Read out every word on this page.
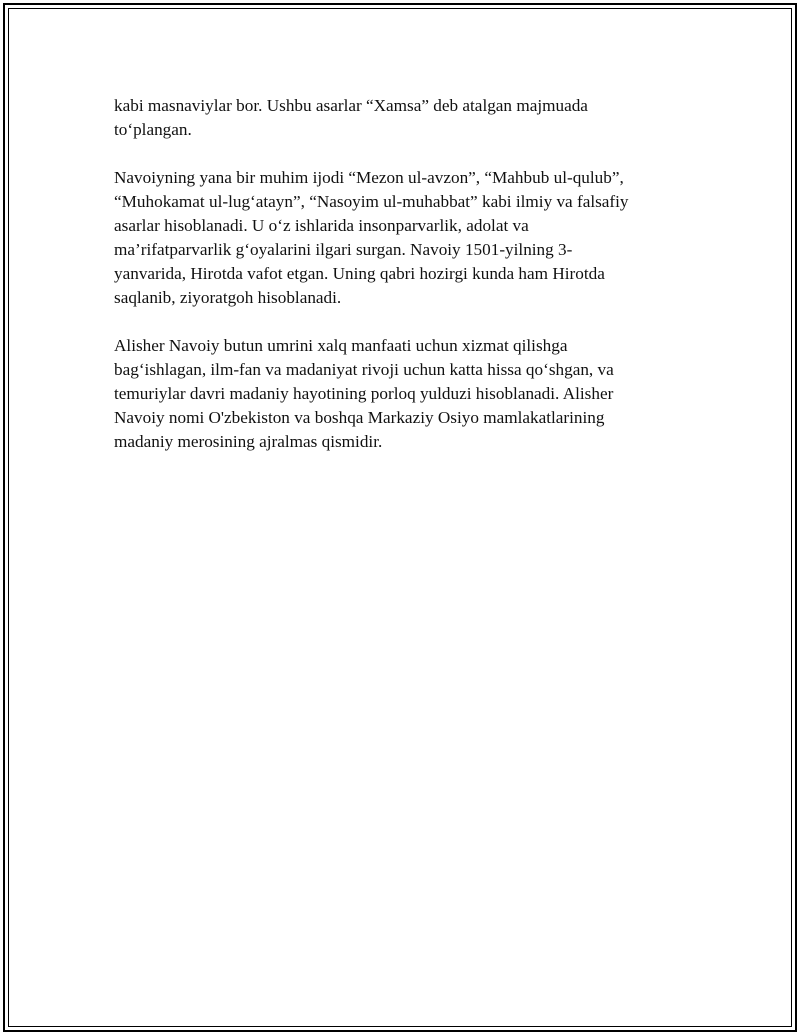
kabi masnaviylar bor. Ushbu asarlar “Xamsa” deb atalgan majmuada
to‘plangan.

Navoiyning yana bir muhim ijodi “Mezon ul-avzon”, “Mahbub ul-qulub”,
“Muhokamat ul-lug‘atayn”, “Nasoyim ul-muhabbat” kabi ilmiy va falsafiy
asarlar hisoblanadi. U o‘z ishlarida insonparvarlik, adolat va
ma’rifatparvarlik g‘oyalarini ilgari surgan. Navoiy 1501-yilning 3-
yanvarida, Hirotda vafot etgan. Uning qabri hozirgi kunda ham Hirotda
saqlanib, ziyoratgoh hisoblanadi.

Alisher Navoiy butun umrini xalq manfaati uchun xizmat qilishga
bag‘ishlagan, ilm-fan va madaniyat rivoji uchun katta hissa qo‘shgan, va
temuriylar davri madaniy hayotining porloq yulduzi hisoblanadi. Alisher
Navoiy nomi O'zbekiston va boshqa Markaziy Osiyo mamlakatlarining
madaniy merosining ajralmas qismidir.
